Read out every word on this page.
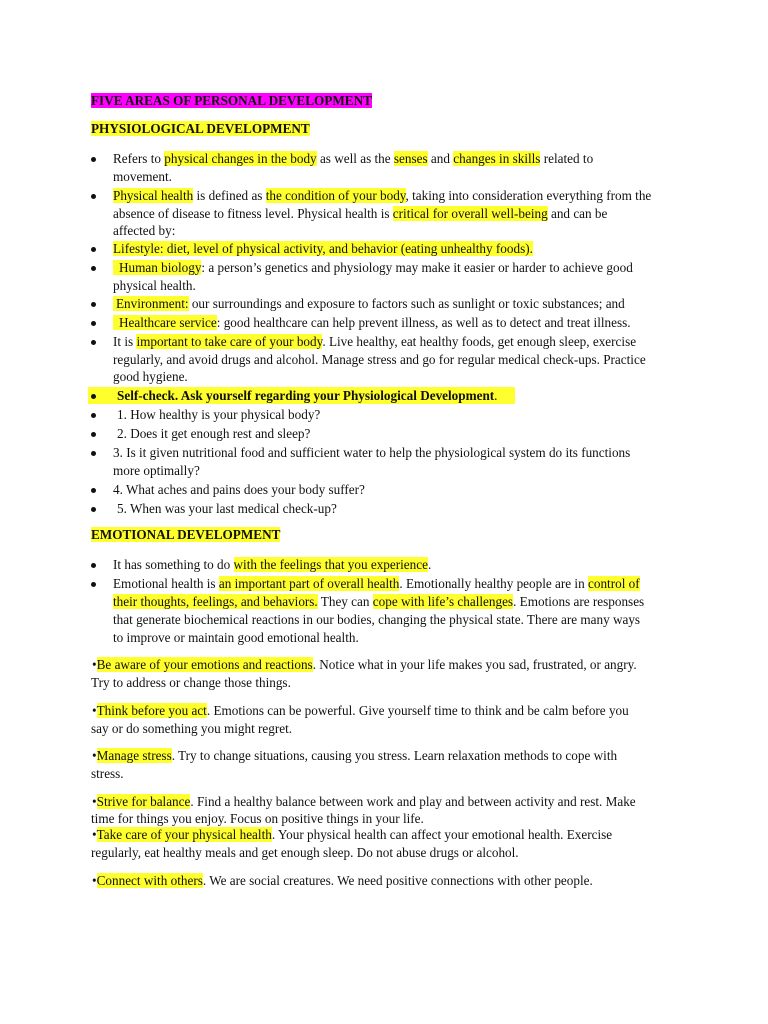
FIVE AREAS OF PERSONAL DEVELOPMENT
PHYSIOLOGICAL DEVELOPMENT
Refers to physical changes in the body as well as the senses and changes in skills related to
movement.
Physical health is defined as the condition of your body, taking into consideration everything from the
absence of disease to fitness level. Physical health is critical for overall well-being and can be
affected by:
Lifestyle: diet, level of physical activity, and behavior (eating unhealthy foods).
Human biology: a person’s genetics and physiology may make it easier or harder to achieve good
physical health.
Environment: our surroundings and exposure to factors such as sunlight or toxic substances; and
Healthcare service: good healthcare can help prevent illness, as well as to detect and treat illness.
It is important to take care of your body. Live healthy, eat healthy foods, get enough sleep, exercise
regularly, and avoid drugs and alcohol. Manage stress and go for regular medical check-ups. Practice
good hygiene.
Self-check. Ask yourself regarding your Physiological Development.
1. How healthy is your physical body?
2. Does it get enough rest and sleep?
3. Is it given nutritional food and sufficient water to help the physiological system do its functions
more optimally?
4. What aches and pains does your body suffer?
5. When was your last medical check-up?
EMOTIONAL DEVELOPMENT
It has something to do with the feelings that you experience.
Emotional health is an important part of overall health. Emotionally healthy people are in control of
their thoughts, feelings, and behaviors. They can cope with life’s challenges. Emotions are responses
that generate biochemical reactions in our bodies, changing the physical state. There are many ways
to improve or maintain good emotional health.
•Be aware of your emotions and reactions. Notice what in your life makes you sad, frustrated, or angry.
Try to address or change those things.
•Think before you act. Emotions can be powerful. Give yourself time to think and be calm before you
say or do something you might regret.
•Manage stress. Try to change situations, causing you stress. Learn relaxation methods to cope with
stress.
•Strive for balance. Find a healthy balance between work and play and between activity and rest. Make
time for things you enjoy. Focus on positive things in your life.
•Take care of your physical health. Your physical health can affect your emotional health. Exercise
regularly, eat healthy meals and get enough sleep. Do not abuse drugs or alcohol.
•Connect with others. We are social creatures. We need positive connections with other people.
